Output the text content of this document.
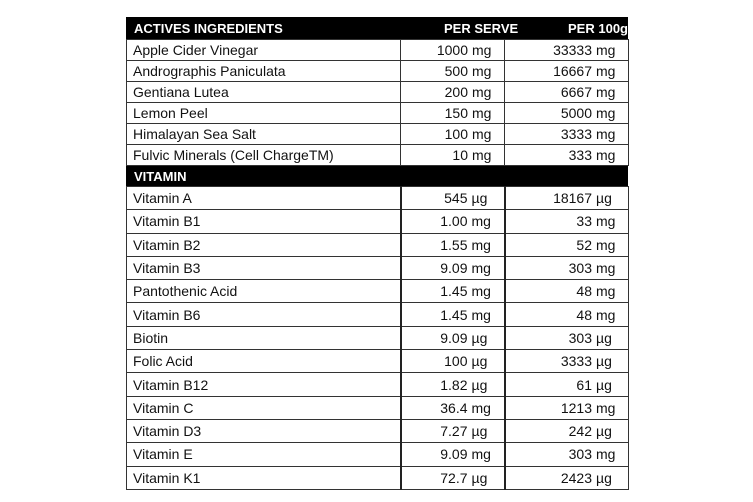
ACTIVES INGREDIENTS	PER SERVE	PER 100g
Apple Cider Vinegar	1000 mg	33333 mg
Andrographis Paniculata	500 mg	16667 mg
Gentiana Lutea	200 mg	6667 mg
Lemon Peel	150 mg	5000 mg
Himalayan Sea Salt	100 mg	3333 mg
Fulvic Minerals (Cell ChargeTM)	10 mg	333 mg
VITAMIN
Vitamin A	545 µg	18167 µg
Vitamin B1	1.00 mg	33 mg
Vitamin B2	1.55 mg	52 mg
Vitamin B3	9.09 mg	303 mg
Pantothenic Acid	1.45 mg	48 mg
Vitamin B6	1.45 mg	48 mg
Biotin	9.09 µg	303 µg
Folic Acid	100 µg	3333 µg
Vitamin B12	1.82 µg	61 µg
Vitamin C	36.4 mg	1213 mg
Vitamin D3	7.27 µg	242 µg
Vitamin E	9.09 mg	303 mg
Vitamin K1	72.7 µg	2423 µg
